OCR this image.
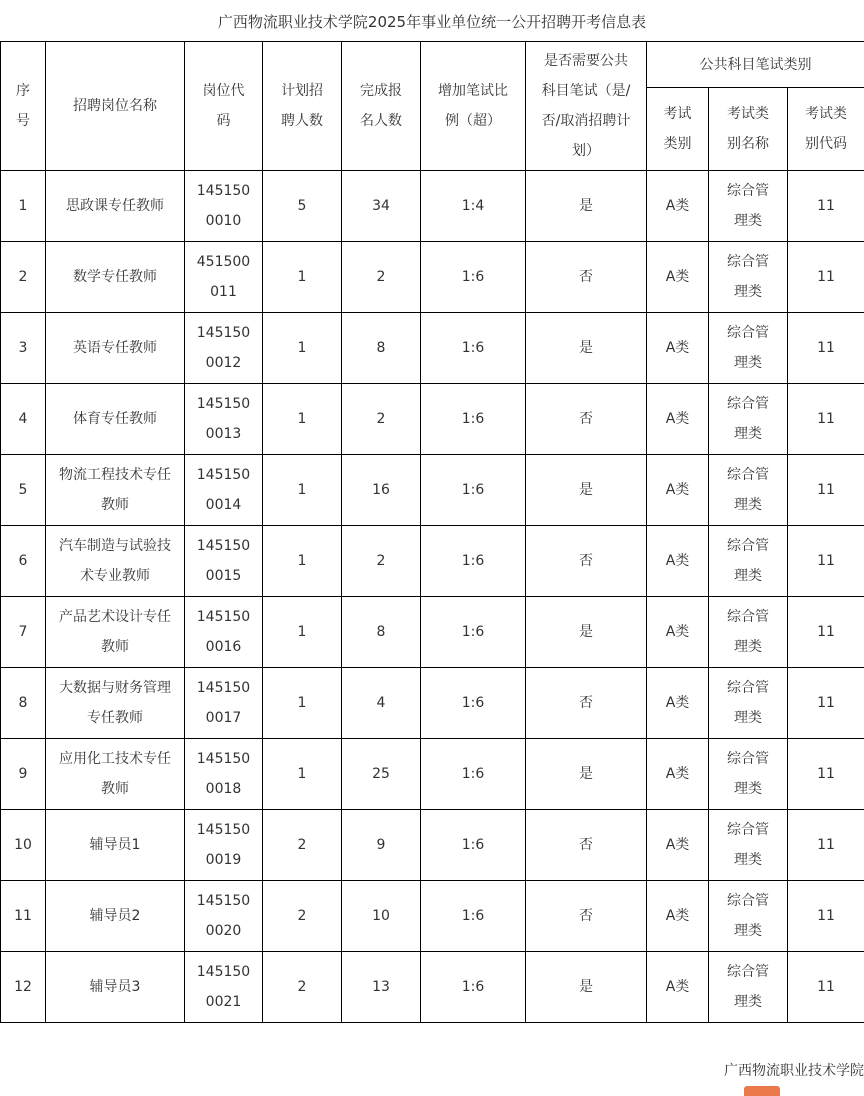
广西物流职业技术学院2025年事业单位统一公开招聘开考信息表
序号	招聘岗位名称	岗位代码	计划招聘人数	完成报名人数	增加笔试比例（超）	是否需要公共科目笔试（是/否/取消招聘计划）	公共科目笔试类别		

							考试类别	考试类别名称	考试类别代码

1	思政课专任教师	1451500010	5	34	1:4	是	A类	综合管理类	11

2	数学专任教师	451500011	1	2	1:6	否	A类	综合管理类	11

3	英语专任教师	1451500012	1	8	1:6	是	A类	综合管理类	11

4	体育专任教师	1451500013	1	2	1:6	否	A类	综合管理类	11

5	物流工程技术专任教师	1451500014	1	16	1:6	是	A类	综合管理类	11

6	汽车制造与试验技术专业教师	1451500015	1	2	1:6	否	A类	综合管理类	11

7	产品艺术设计专任教师	1451500016	1	8	1:6	是	A类	综合管理类	11

8	大数据与财务管理专任教师	1451500017	1	4	1:6	否	A类	综合管理类	11

9	应用化工技术专任教师	1451500018	1	25	1:6	是	A类	综合管理类	11

10	辅导员1	1451500019	2	9	1:6	否	A类	综合管理类	11

11	辅导员2	1451500020	2	10	1:6	否	A类	综合管理类	11

12	辅导员3	1451500021	2	13	1:6	是	A类	综合管理类	11
广西物流职业技术学院
